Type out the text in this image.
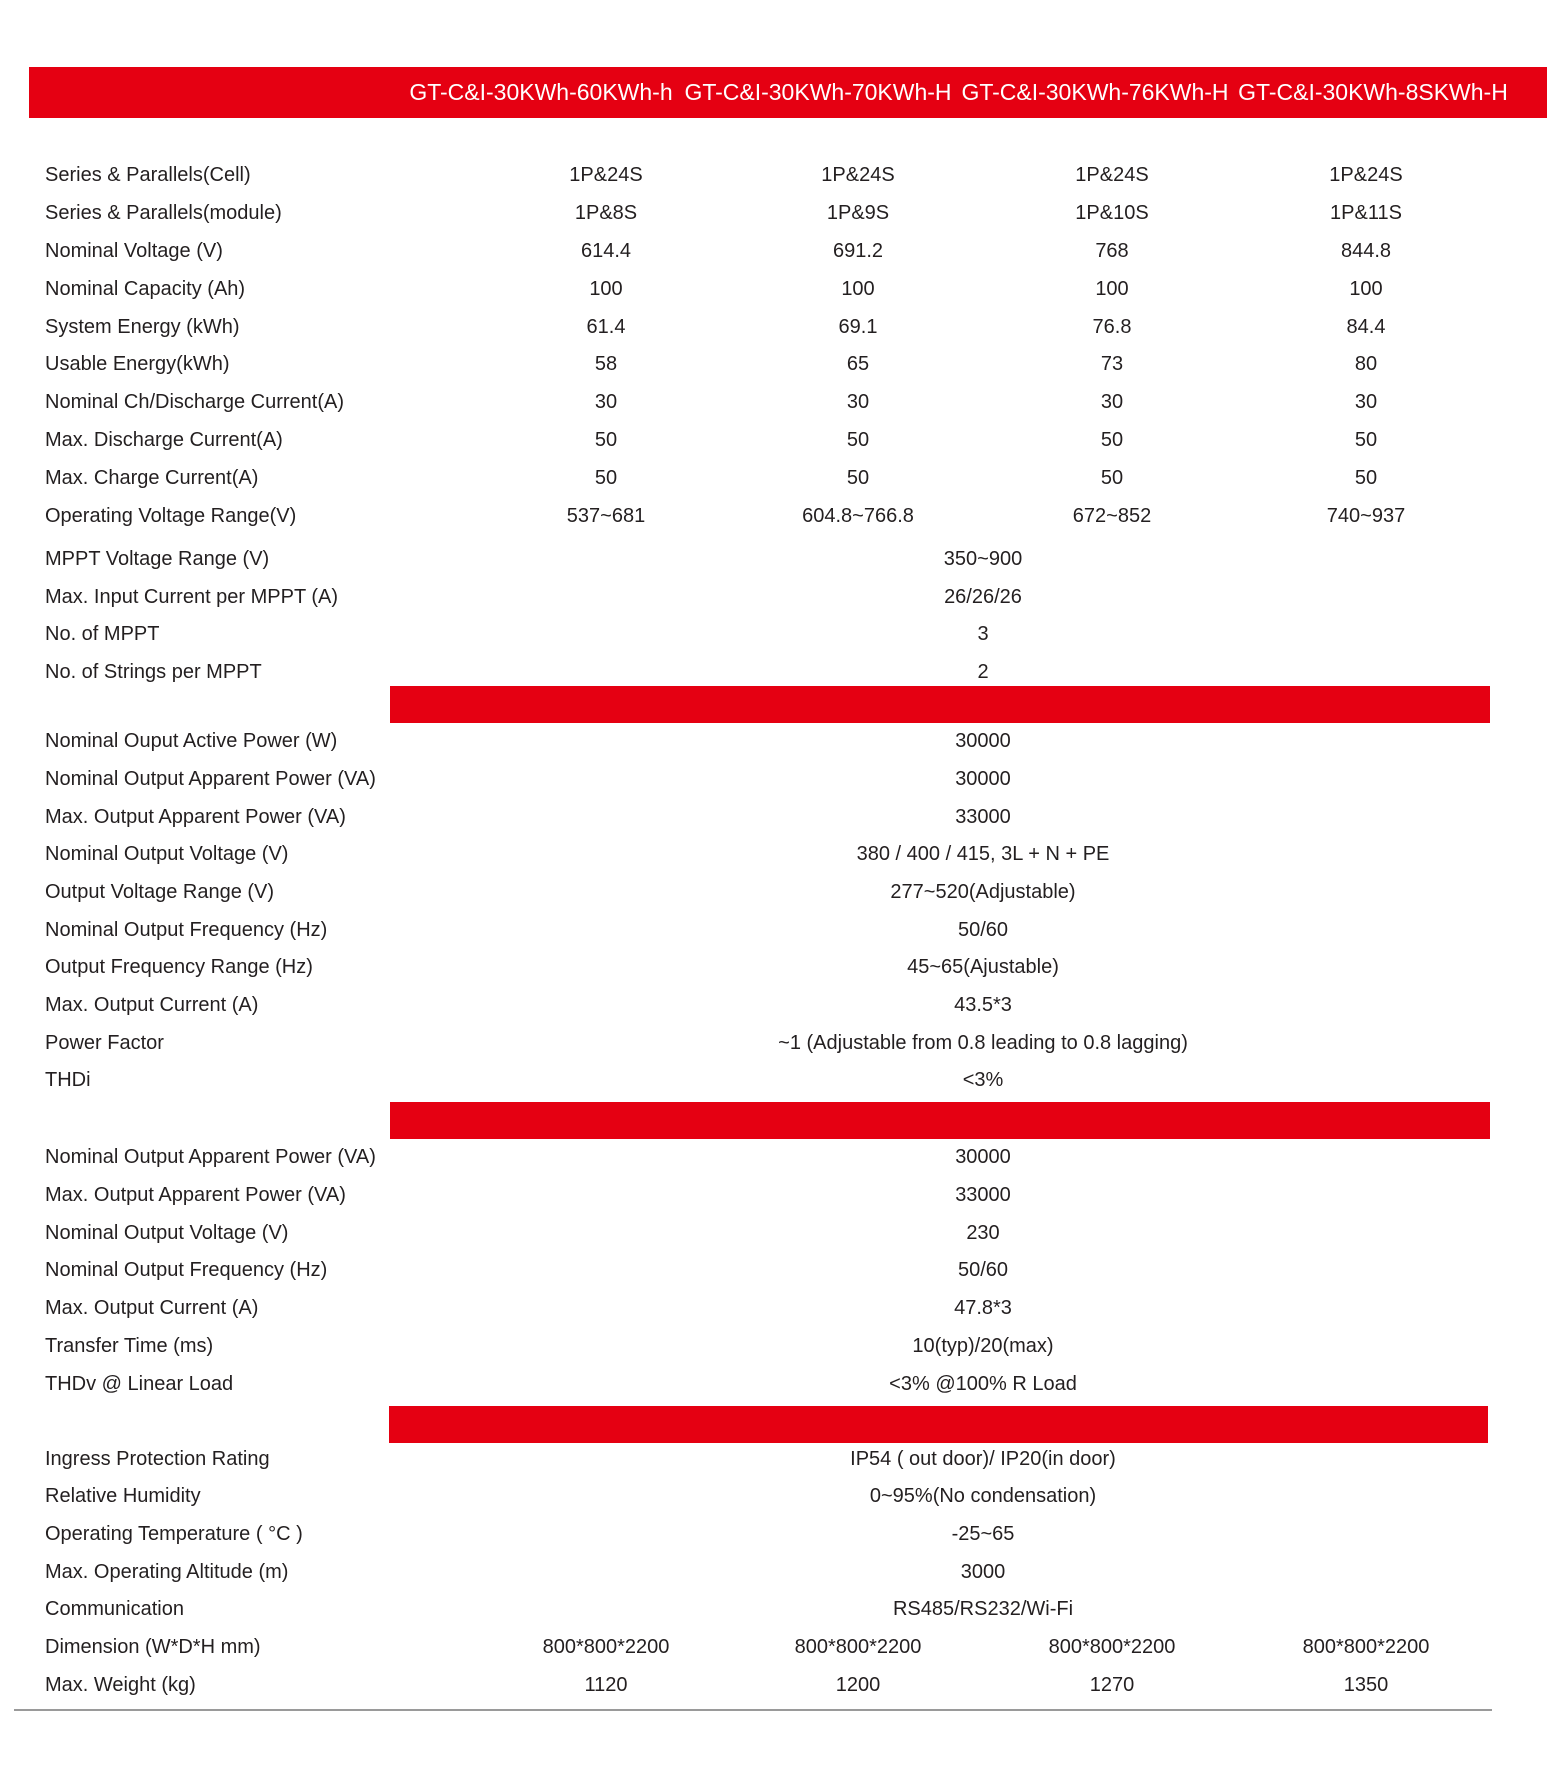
GT-C&I-30KWh-60KWh-h GT-C&I-30KWh-70KWh-H GT-C&I-30KWh-76KWh-H GT-C&I-30KWh-8SKWh-H
Series & Parallels(Cell)	1P&24S	1P&24S	1P&24S	1P&24S
Series & Parallels(module)	1P&8S	1P&9S	1P&10S	1P&11S
Nominal Voltage (V)	614.4	691.2	768	844.8
Nominal Capacity (Ah)	100	100	100	100
System Energy (kWh)	61.4	69.1	76.8	84.4
Usable Energy(kWh)	58	65	73	80
Nominal Ch/Discharge Current(A)	30	30	30	30
Max. Discharge Current(A)	50	50	50	50
Max. Charge Current(A)	50	50	50	50
Operating Voltage Range(V)	537~681	604.8~766.8	672~852	740~937
MPPT Voltage Range (V)	350~900
Max. Input Current per MPPT (A)	26/26/26
No. of MPPT	3
No. of Strings per MPPT	2
Nominal Ouput Active Power (W)	30000
Nominal Output Apparent Power (VA)	30000
Max. Output Apparent Power (VA)	33000
Nominal Output Voltage (V)	380 / 400 / 415, 3L + N + PE
Output Voltage Range (V)	277~520(Adjustable)
Nominal Output Frequency (Hz)	50/60
Output Frequency Range (Hz)	45~65(Ajustable)
Max. Output Current (A)	43.5*3
Power Factor	~1 (Adjustable from 0.8 leading to 0.8 lagging)
THDi	<3%
Nominal Output Apparent Power (VA)	30000
Max. Output Apparent Power (VA)	33000
Nominal Output Voltage (V)	230
Nominal Output Frequency (Hz)	50/60
Max. Output Current (A)	47.8*3
Transfer Time (ms)	10(typ)/20(max)
THDv @ Linear Load	<3% @100% R Load
Ingress Protection Rating	IP54 ( out door)/ IP20(in door)
Relative Humidity	0~95%(No condensation)
Operating Temperature ( °C )	-25~65
Max. Operating Altitude (m)	3000
Communication	RS485/RS232/Wi-Fi
Dimension (W*D*H mm)	800*800*2200	800*800*2200	800*800*2200	800*800*2200
Max. Weight (kg)	1120	1200	1270	1350
